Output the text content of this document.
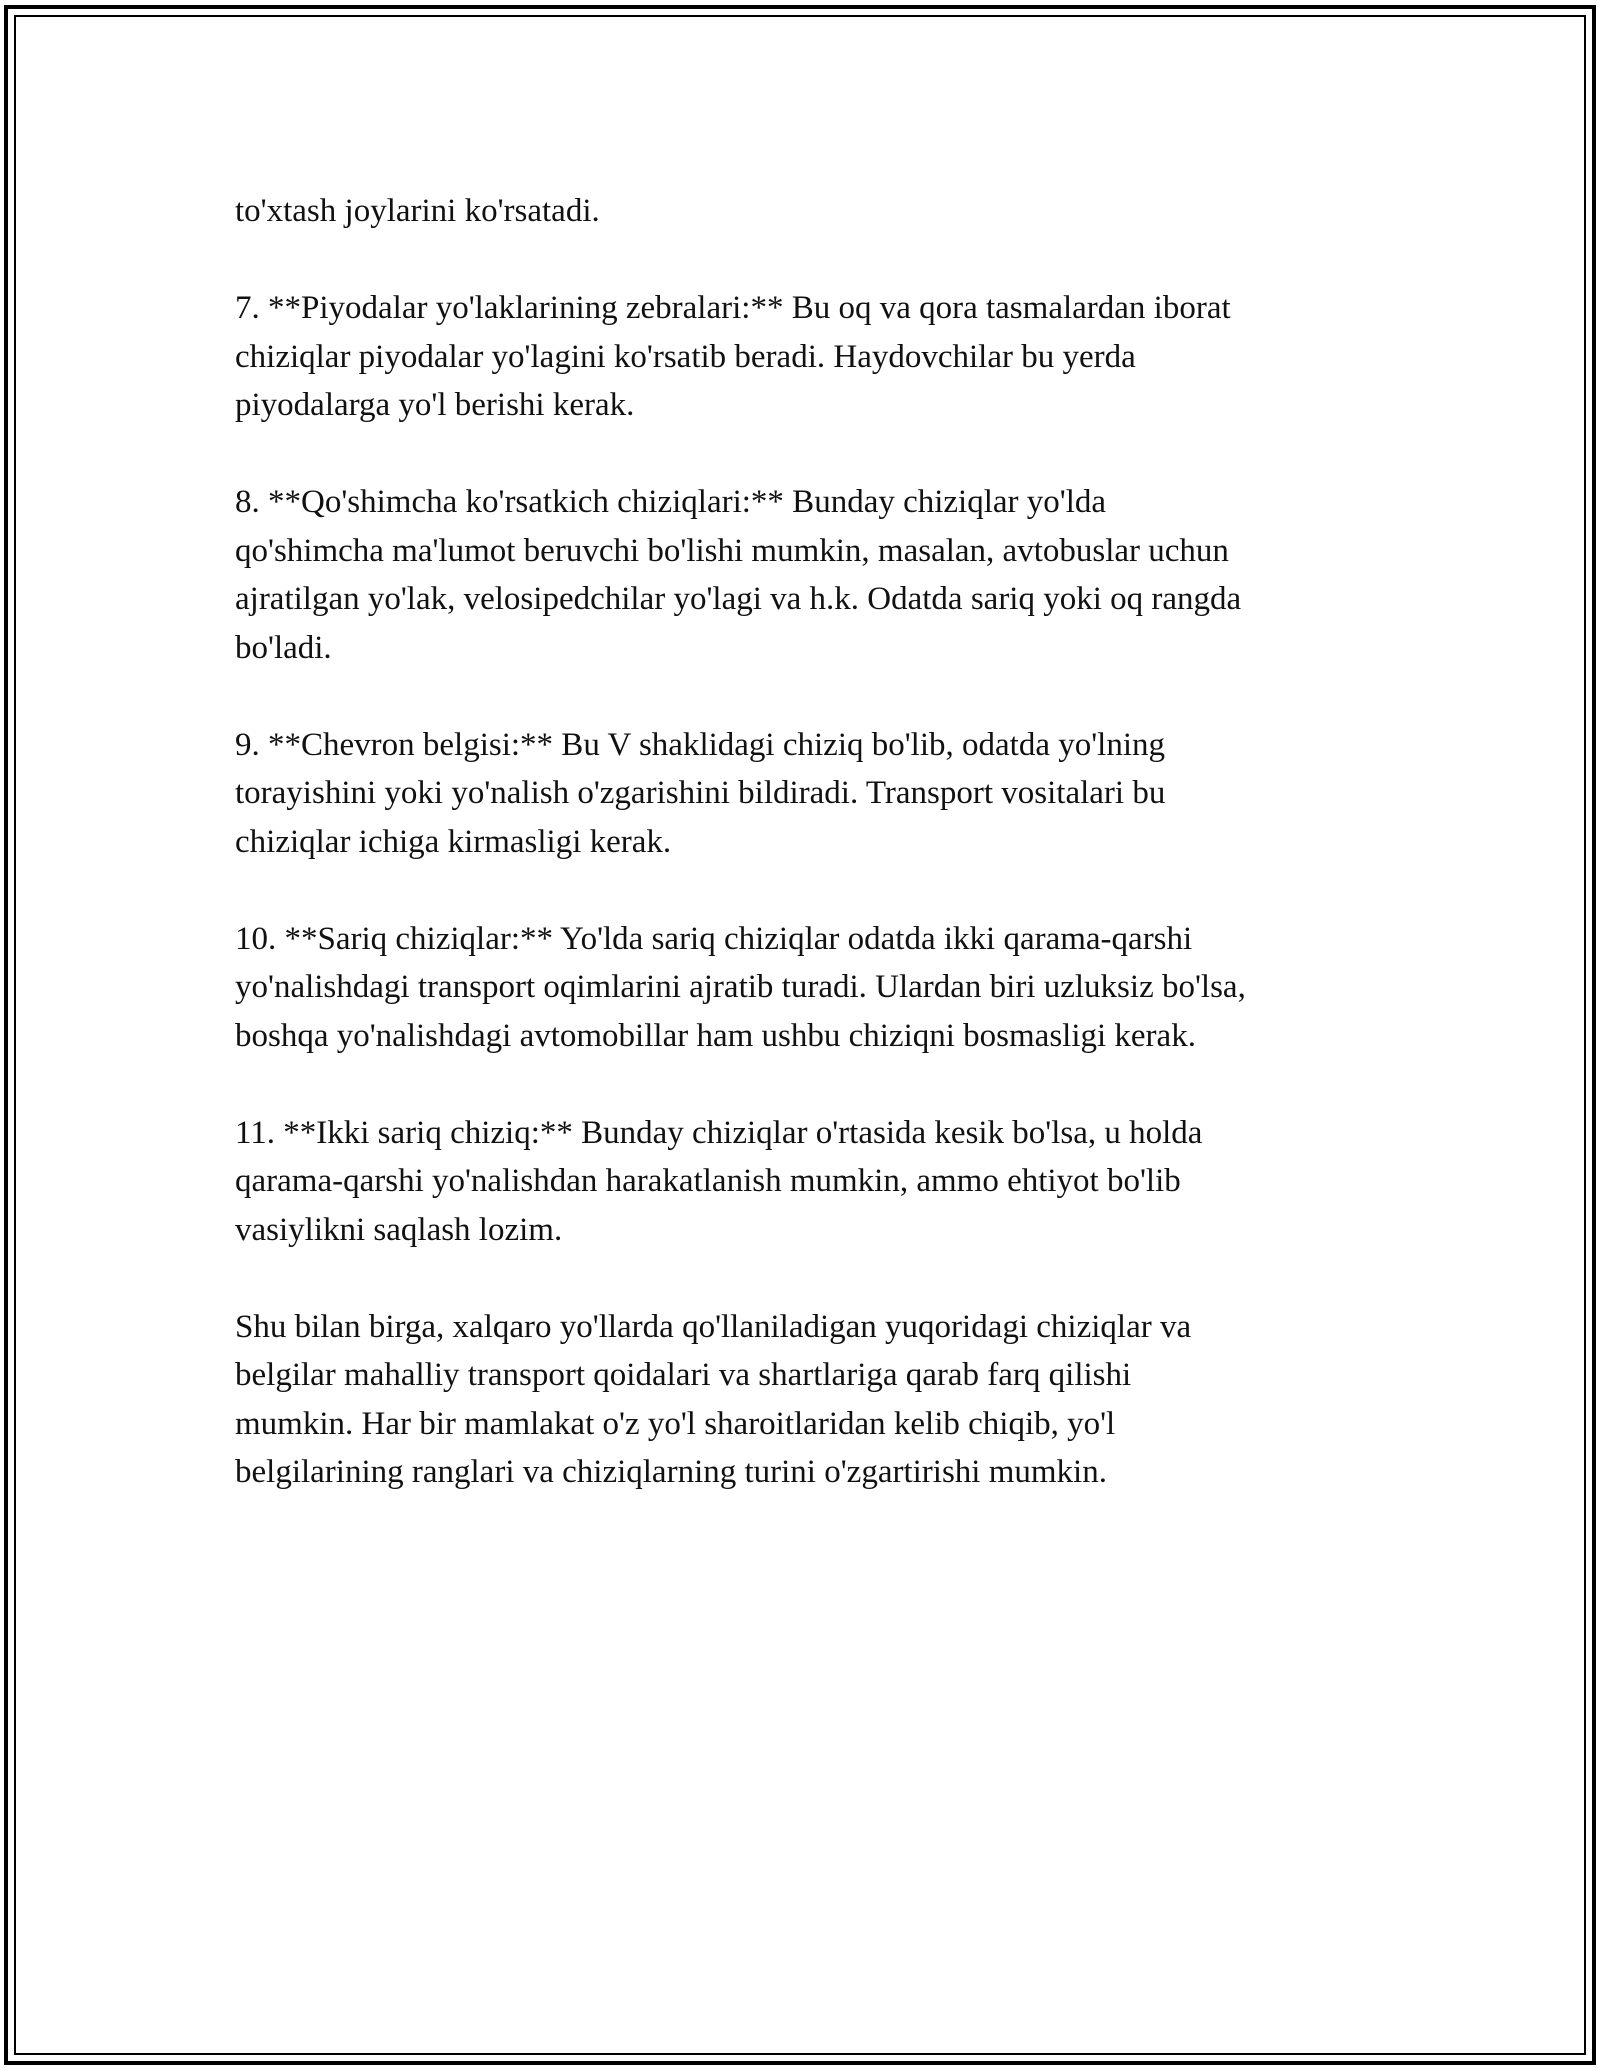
to'xtash joylarini ko'rsatadi.

7. **Piyodalar yo'laklarining zebralari:** Bu oq va qora tasmalardan iborat
chiziqlar piyodalar yo'lagini ko'rsatib beradi. Haydovchilar bu yerda
piyodalarga yo'l berishi kerak.

8. **Qo'shimcha ko'rsatkich chiziqlari:** Bunday chiziqlar yo'lda
qo'shimcha ma'lumot beruvchi bo'lishi mumkin, masalan, avtobuslar uchun
ajratilgan yo'lak, velosipedchilar yo'lagi va h.k. Odatda sariq yoki oq rangda
bo'ladi.

9. **Chevron belgisi:** Bu V shaklidagi chiziq bo'lib, odatda yo'lning
torayishini yoki yo'nalish o'zgarishini bildiradi. Transport vositalari bu
chiziqlar ichiga kirmasligi kerak.

10. **Sariq chiziqlar:** Yo'lda sariq chiziqlar odatda ikki qarama-qarshi
yo'nalishdagi transport oqimlarini ajratib turadi. Ulardan biri uzluksiz bo'lsa,
boshqa yo'nalishdagi avtomobillar ham ushbu chiziqni bosmasligi kerak.

11. **Ikki sariq chiziq:** Bunday chiziqlar o'rtasida kesik bo'lsa, u holda
qarama-qarshi yo'nalishdan harakatlanish mumkin, ammo ehtiyot bo'lib
vasiylikni saqlash lozim.

Shu bilan birga, xalqaro yo'llarda qo'llaniladigan yuqoridagi chiziqlar va
belgilar mahalliy transport qoidalari va shartlariga qarab farq qilishi
mumkin. Har bir mamlakat o'z yo'l sharoitlaridan kelib chiqib, yo'l
belgilarining ranglari va chiziqlarning turini o'zgartirishi mumkin.
